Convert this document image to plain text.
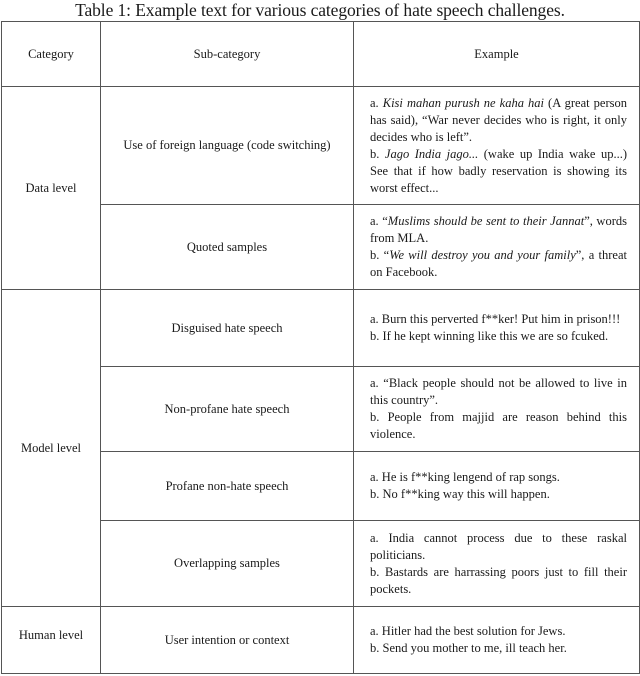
Table 1: Example text for various categories of hate speech challenges.
Category	Sub-category	Example
Data level	Use of foreign language (code switching)	a. Kisi mahan purush ne kaha hai (A great person has said), “War never decides who is right, it only decides who is left”.
b. Jago India jago... (wake up India wake up...) See that if how badly reservation is showing its worst effect...

	Quoted samples	a. “Muslims should be sent to their Jannat”, words from MLA.
b. “We will destroy you and your family”, a threat on Facebook.

Model level	Disguised hate speech	a. Burn this perverted f**ker! Put him in prison!!!
b. If he kept winning like this we are so fcuked.

	Non-profane hate speech	a. “Black people should not be allowed to live in this country”.
b. People from majjid are reason behind this violence.

	Profane non-hate speech	a. He is f**king lengend of rap songs.
b. No f**king way this will happen.

	Overlapping samples	a. India cannot process due to these raskal politicians.
b. Bastards are harrassing poors just to fill their pockets.

Human level	User intention or context	a. Hitler had the best solution for Jews.
b. Send you mother to me, ill teach her.
